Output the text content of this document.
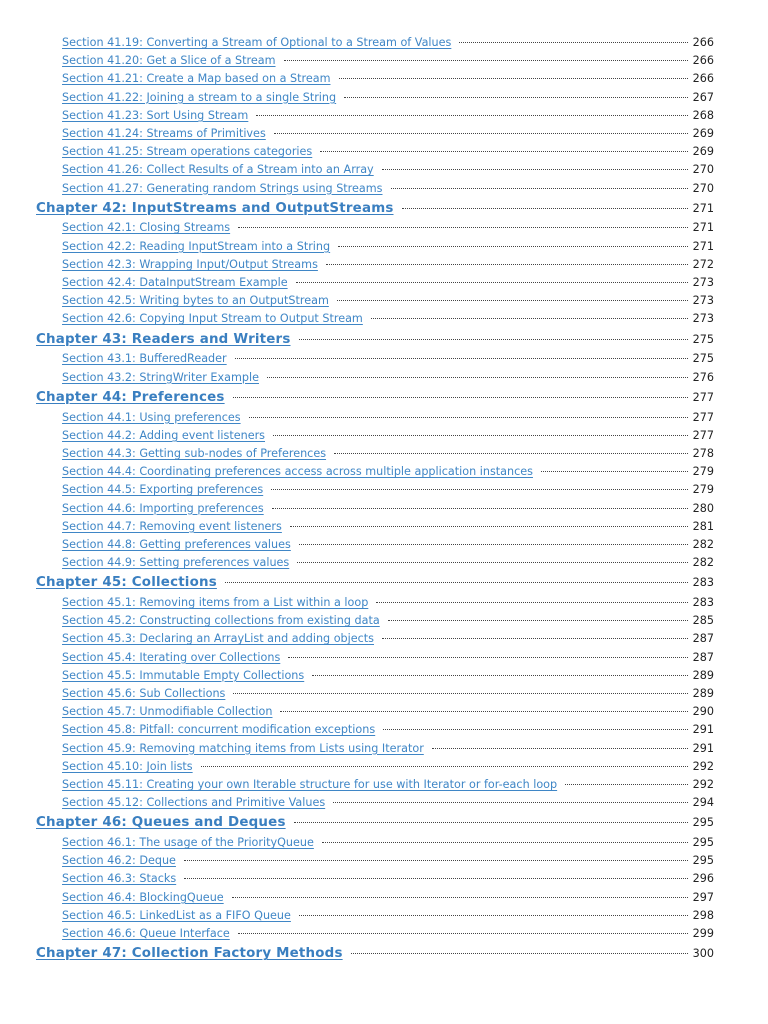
Section 41.19: Converting a Stream of Optional to a Stream of Values	266
Section 41.20: Get a Slice of a Stream	266
Section 41.21: Create a Map based on a Stream	266
Section 41.22: Joining a stream to a single String	267
Section 41.23: Sort Using Stream	268
Section 41.24: Streams of Primitives	269
Section 41.25: Stream operations categories	269
Section 41.26: Collect Results of a Stream into an Array	270
Section 41.27: Generating random Strings using Streams	270
Chapter 42: InputStreams and OutputStreams	271
Section 42.1: Closing Streams	271
Section 42.2: Reading InputStream into a String	271
Section 42.3: Wrapping Input/Output Streams	272
Section 42.4: DataInputStream Example	273
Section 42.5: Writing bytes to an OutputStream	273
Section 42.6: Copying Input Stream to Output Stream	273
Chapter 43: Readers and Writers	275
Section 43.1: BufferedReader	275
Section 43.2: StringWriter Example	276
Chapter 44: Preferences	277
Section 44.1: Using preferences	277
Section 44.2: Adding event listeners	277
Section 44.3: Getting sub-nodes of Preferences	278
Section 44.4: Coordinating preferences access across multiple application instances	279
Section 44.5: Exporting preferences	279
Section 44.6: Importing preferences	280
Section 44.7: Removing event listeners	281
Section 44.8: Getting preferences values	282
Section 44.9: Setting preferences values	282
Chapter 45: Collections	283
Section 45.1: Removing items from a List within a loop	283
Section 45.2: Constructing collections from existing data	285
Section 45.3: Declaring an ArrayList and adding objects	287
Section 45.4: Iterating over Collections	287
Section 45.5: Immutable Empty Collections	289
Section 45.6: Sub Collections	289
Section 45.7: Unmodifiable Collection	290
Section 45.8: Pitfall: concurrent modification exceptions	291
Section 45.9: Removing matching items from Lists using Iterator	291
Section 45.10: Join lists	292
Section 45.11: Creating your own Iterable structure for use with Iterator or for-each loop	292
Section 45.12: Collections and Primitive Values	294
Chapter 46: Queues and Deques	295
Section 46.1: The usage of the PriorityQueue	295
Section 46.2: Deque	295
Section 46.3: Stacks	296
Section 46.4: BlockingQueue	297
Section 46.5: LinkedList as a FIFO Queue	298
Section 46.6: Queue Interface	299
Chapter 47: Collection Factory Methods	300
